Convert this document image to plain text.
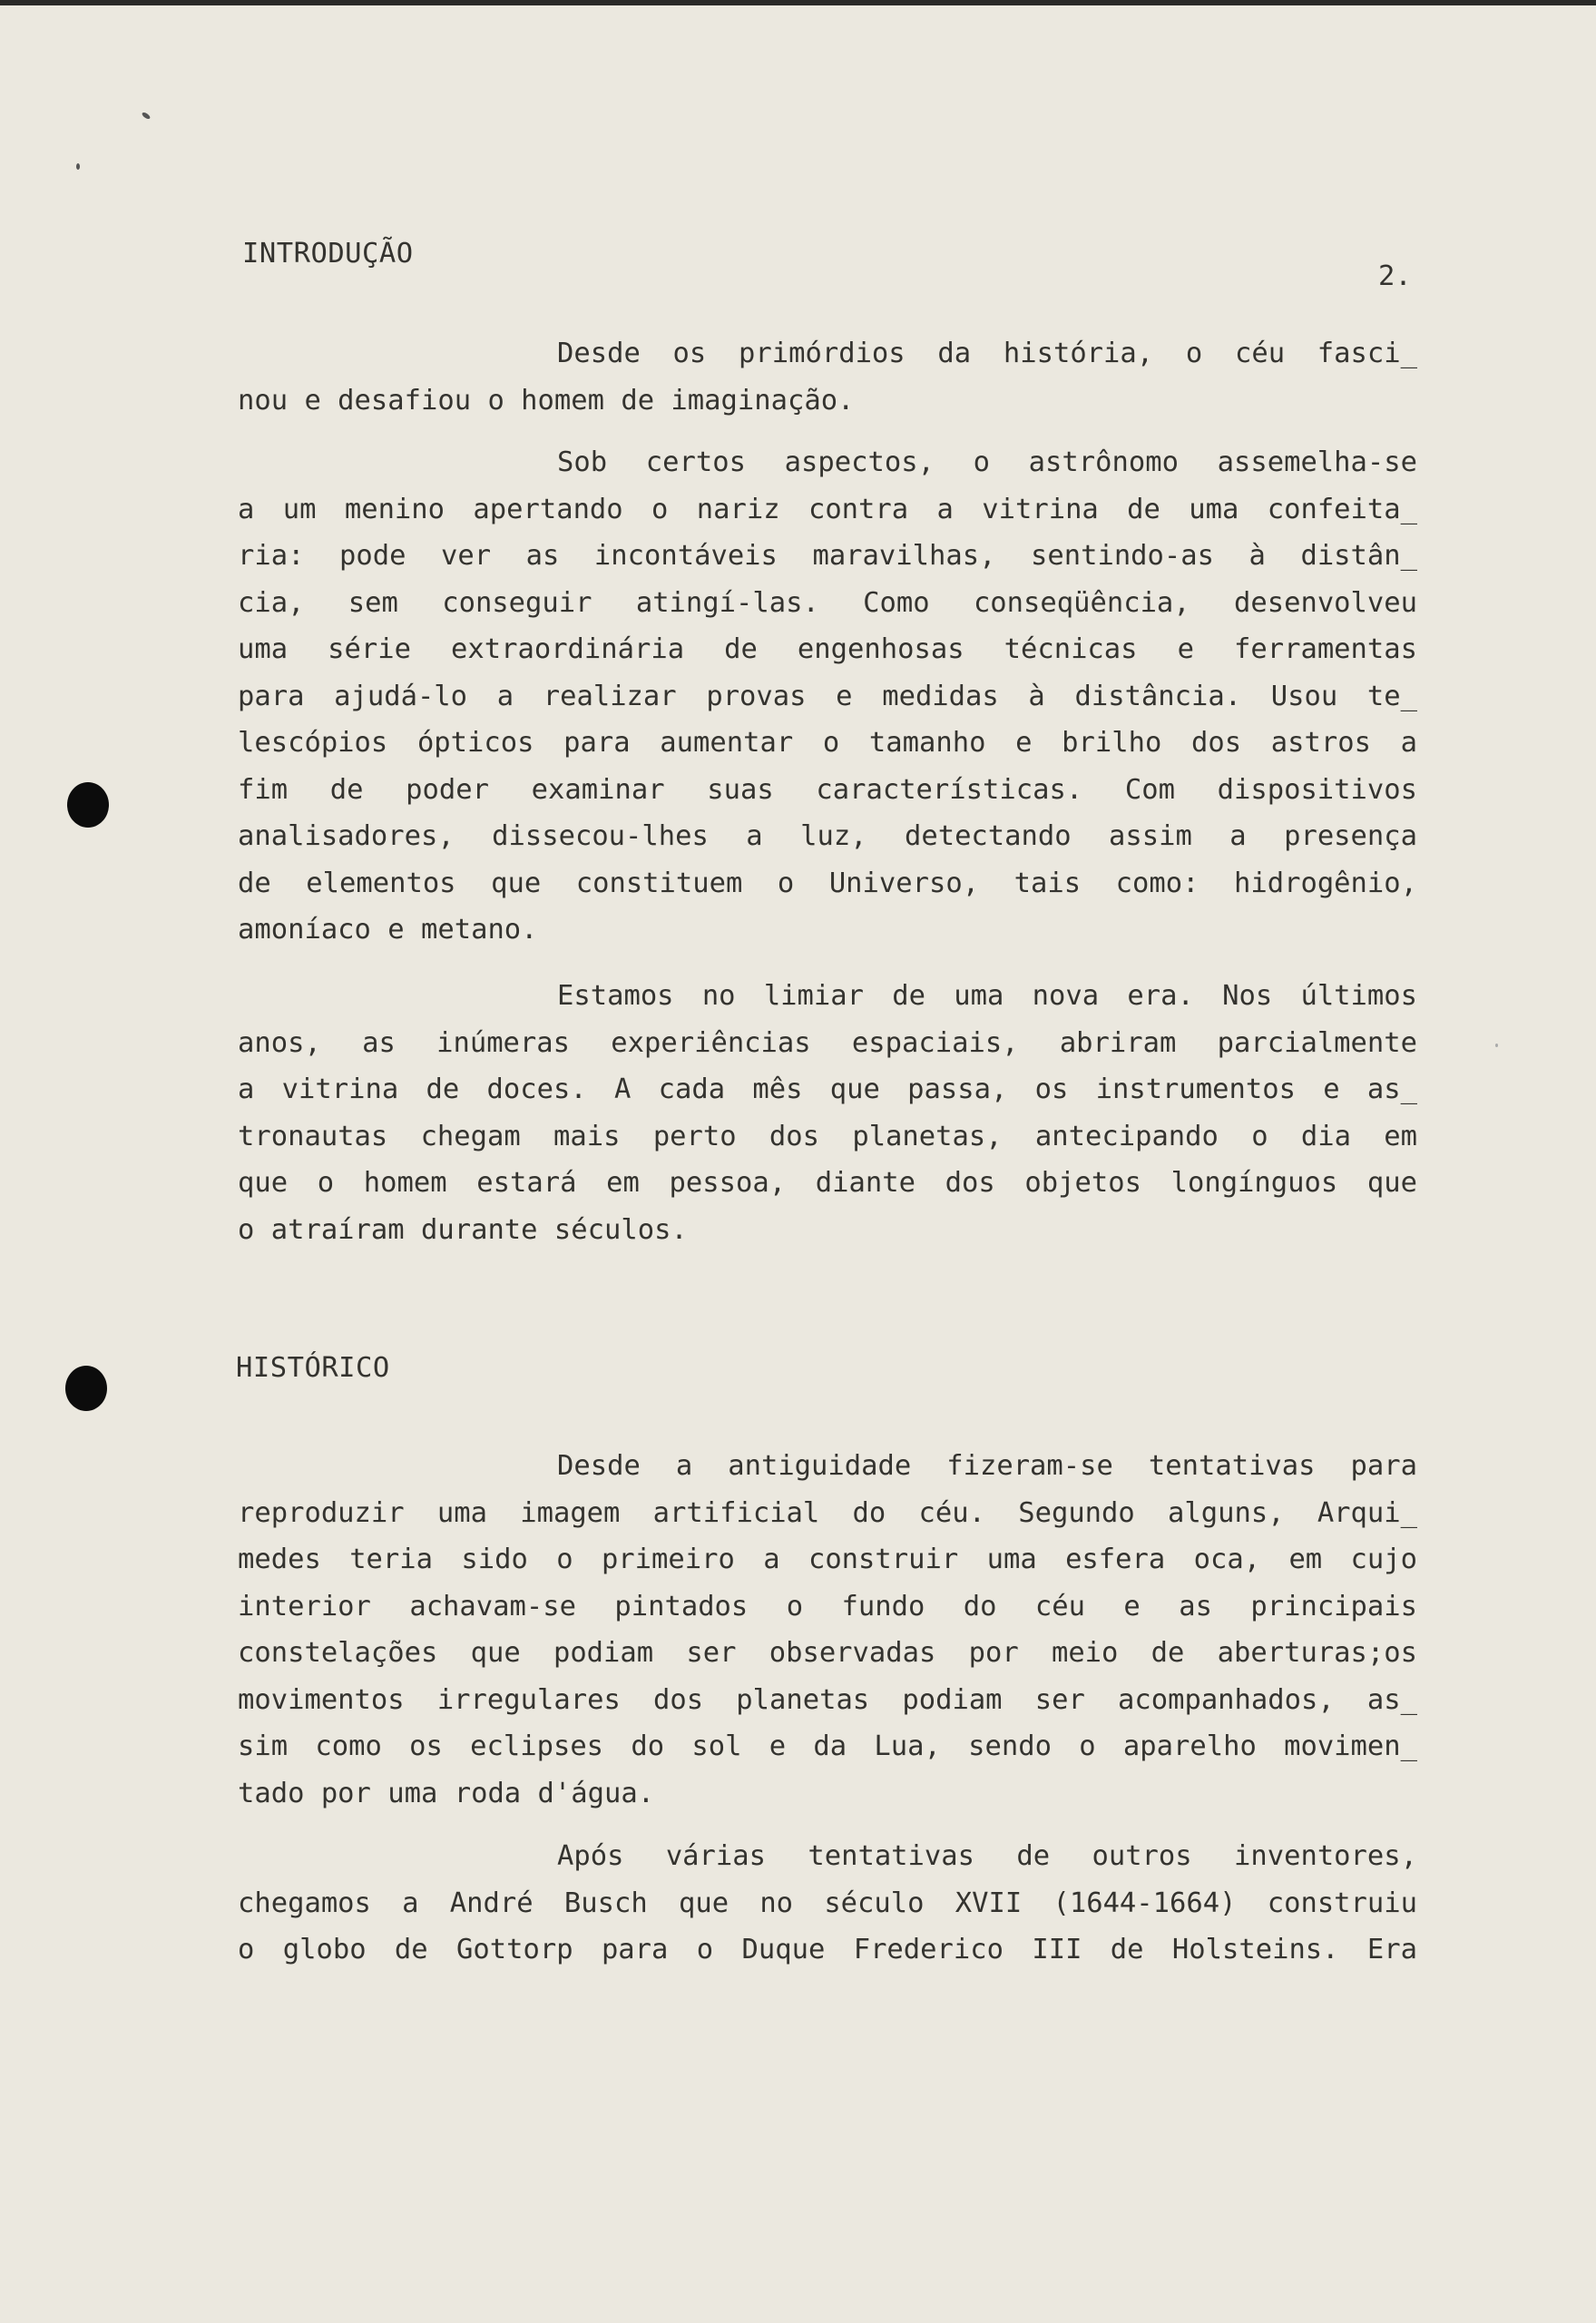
INTRODUÇÃO
2.
Desde os primórdios da história, o céu fasci_
nou e desafiou o homem de imaginação.
Sob certos aspectos, o astrônomo assemelha-se
a um menino apertando o nariz contra a vitrina de uma confeita_
ria: pode ver as incontáveis maravilhas, sentindo-as à distân_
cia, sem conseguir atingí-las. Como conseqüência, desenvolveu
uma série extraordinária de engenhosas técnicas e ferramentas
para ajudá-lo a realizar provas e medidas à distância. Usou te_
lescópios ópticos para aumentar o tamanho e brilho dos astros a
fim de poder examinar suas características. Com dispositivos
analisadores, dissecou-lhes a luz, detectando assim a presença
de elementos que constituem o Universo, tais como: hidrogênio,
amoníaco e metano.
Estamos no limiar de uma nova era. Nos últimos
anos, as inúmeras experiências espaciais, abriram parcialmente
a vitrina de doces. A cada mês que passa, os instrumentos e as_
tronautas chegam mais perto dos planetas, antecipando o dia em
que o homem estará em pessoa, diante dos objetos longínguos que
o atraíram durante séculos.
HISTÓRICO
Desde a antiguidade fizeram-se tentativas para
reproduzir uma imagem artificial do céu. Segundo alguns, Arqui_
medes teria sido o primeiro a construir uma esfera oca, em cujo
interior achavam-se pintados o fundo do céu e as principais
constelações que podiam ser observadas por meio de aberturas;os
movimentos irregulares dos planetas podiam ser acompanhados, as_
sim como os eclipses do sol e da Lua, sendo o aparelho movimen_
tado por uma roda d'água.
Após várias tentativas de outros inventores,
chegamos a André Busch que no século XVII (1644-1664) construiu
o globo de Gottorp para o Duque Frederico III de Holsteins. Era
